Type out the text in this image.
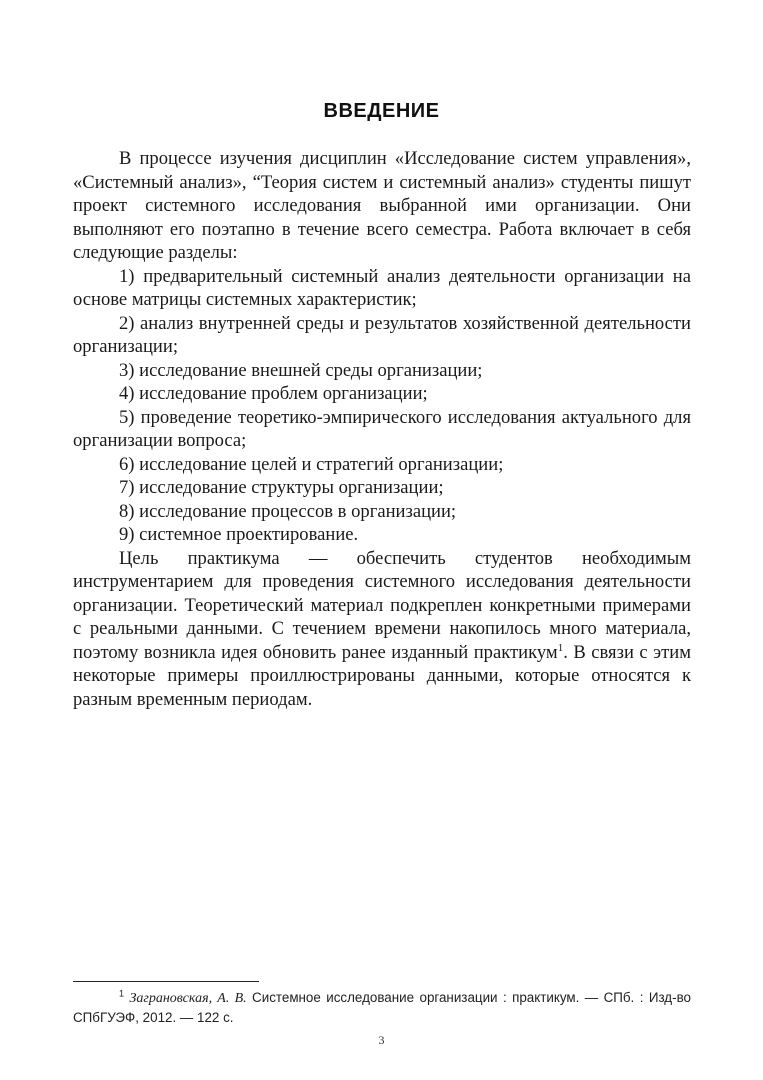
ВВЕДЕНИЕ

В процессе изучения дисциплин «Исследование систем управления», «Системный анализ», “Теория систем и системный анализ» студенты пишут проект системного исследования выбранной ими организации. Они выполняют его поэтапно в течение всего семестра. Работа включает в себя следующие разделы:

1) предварительный системный анализ деятельности организации на основе матрицы системных характеристик;

2) анализ внутренней среды и результатов хозяйственной деятельности организации;

3) исследование внешней среды организации;

4) исследование проблем организации;

5) проведение теоретико-эмпирического исследования актуального для организации вопроса;

6) исследование целей и стратегий организации;

7) исследование структуры организации;

8) исследование процессов в организации;

9) системное проектирование.

Цель практикума — обеспечить студентов необходимым инструментарием для проведения системного исследования деятельности организации. Теоретический материал подкреплен конкретными примерами с реальными данными. С течением времени накопилось много материала, поэтому возникла идея обновить ранее изданный практикум$^1$. В связи с этим некоторые примеры проиллюстрированы данными, которые относятся к разным временным периодам.

$^1$ Заграновская, А. В. Системное исследование организации : практикум. — СПб. : Изд-во СПбГУЭФ, 2012. — 122 с.
3
